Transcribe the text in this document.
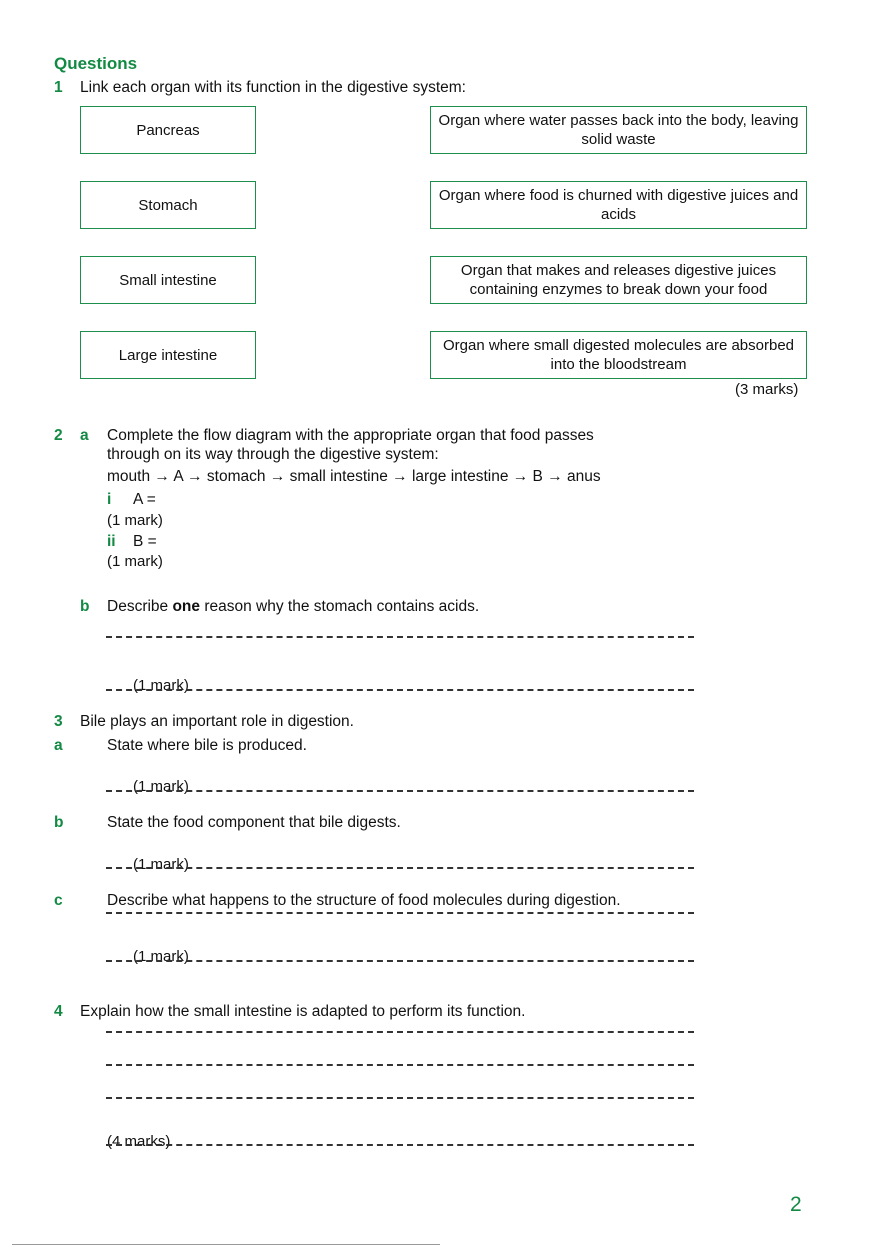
Questions
1 Link each organ with its function in the digestive system:
Pancreas
Stomach
Small intestine
Large intestine
Organ where water passes back into the body, leaving solid waste
Organ where food is churned with digestive juices and acids
Organ that makes and releases digestive juices containing enzymes to break down your food
Organ where small digested molecules are absorbed into the bloodstream
(3 marks)
2 a Complete the flow diagram with the appropriate organ that food passes
through on its way through the digestive system:
mouth → A → stomach → small intestine → large intestine → B → anus
i A =
(1 mark)
ii B =
(1 mark)
b Describe one reason why the stomach contains acids.
(1 mark)
3 Bile plays an important role in digestion.
a	State where bile is produced.
(1 mark)
b	State the food component that bile digests.
(1 mark)
c	Describe what happens to the structure of food molecules during digestion.
(1 mark)
4 Explain how the small intestine is adapted to perform its function.
(4 marks)
2
